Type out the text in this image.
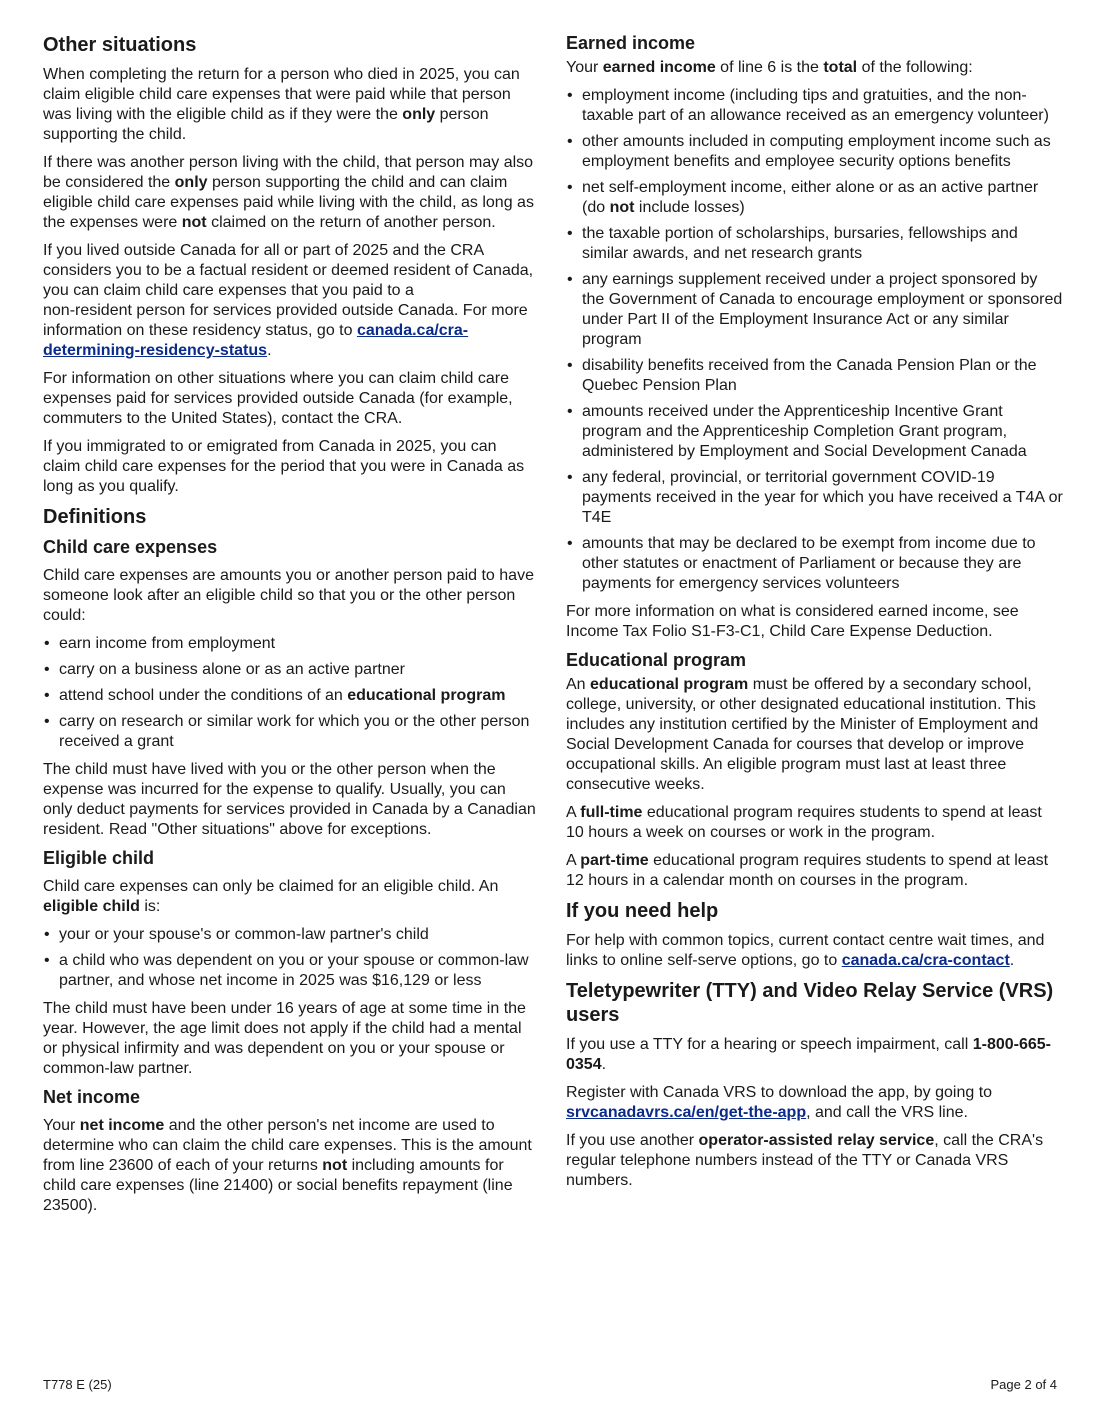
Other situations

When completing the return for a person who died in 2025, you can claim eligible child care expenses that were paid while that person was living with the eligible child as if they were the only person supporting the child.

If there was another person living with the child, that person may also be considered the only person supporting the child and can claim eligible child care expenses paid while living with the child, as long as the expenses were not claimed on the return of another person.

If you lived outside Canada for all or part of 2025 and the CRA considers you to be a factual resident or deemed resident of Canada, you can claim child care expenses that you paid to a
non-resident person for services provided outside Canada. For more information on these residency status, go to canada.ca/cra-determining-residency-status.

For information on other situations where you can claim child care expenses paid for services provided outside Canada (for example, commuters to the United States), contact the CRA.

If you immigrated to or emigrated from Canada in 2025, you can claim child care expenses for the period that you were in Canada as long as you qualify.

Definitions
Child care expenses

Child care expenses are amounts you or another person paid to have someone look after an eligible child so that you or the other person could:

• earn income from employment
• carry on a business alone or as an active partner
• attend school under the conditions of an educational program
• carry on research or similar work for which you or the other person received a grant

The child must have lived with you or the other person when the expense was incurred for the expense to qualify. Usually, you can only deduct payments for services provided in Canada by a Canadian resident. Read "Other situations" above for exceptions.

Eligible child

Child care expenses can only be claimed for an eligible child. An eligible child is:

• your or your spouse's or common-law partner's child
• a child who was dependent on you or your spouse or common-law partner, and whose net income in 2025 was $16,129 or less

The child must have been under 16 years of age at some time in the year. However, the age limit does not apply if the child had a mental or physical infirmity and was dependent on you or your spouse or common-law partner.

Net income

Your net income and the other person's net income are used to determine who can claim the child care expenses. This is the amount from line 23600 of each of your returns not including amounts for child care expenses (line 21400) or social benefits repayment (line 23500).

Earned income

Your earned income of line 6 is the total of the following:

• employment income (including tips and gratuities, and the non-taxable part of an allowance received as an emergency volunteer)
• other amounts included in computing employment income such as employment benefits and employee security options benefits
• net self-employment income, either alone or as an active partner (do not include losses)
• the taxable portion of scholarships, bursaries, fellowships and similar awards, and net research grants
• any earnings supplement received under a project sponsored by the Government of Canada to encourage employment or sponsored under Part II of the Employment Insurance Act or any similar program
• disability benefits received from the Canada Pension Plan or the Quebec Pension Plan
• amounts received under the Apprenticeship Incentive Grant program and the Apprenticeship Completion Grant program, administered by Employment and Social Development Canada
• any federal, provincial, or territorial government COVID-19 payments received in the year for which you have received a T4A or T4E
• amounts that may be declared to be exempt from income due to other statutes or enactment of Parliament or because they are payments for emergency services volunteers

For more information on what is considered earned income, see Income Tax Folio S1-F3-C1, Child Care Expense Deduction.

Educational program

An educational program must be offered by a secondary school, college, university, or other designated educational institution. This includes any institution certified by the Minister of Employment and Social Development Canada for courses that develop or improve occupational skills. An eligible program must last at least three consecutive weeks.

A full-time educational program requires students to spend at least 10 hours a week on courses or work in the program.

A part-time educational program requires students to spend at least 12 hours in a calendar month on courses in the program.

If you need help

For help with common topics, current contact centre wait times, and links to online self-serve options, go to canada.ca/cra-contact.

Teletypewriter (TTY) and Video Relay Service (VRS) users

If you use a TTY for a hearing or speech impairment, call 1-800-665-0354.

Register with Canada VRS to download the app, by going to srvcanadavrs.ca/en/get-the-app, and call the VRS line.

If you use another operator-assisted relay service, call the CRA's regular telephone numbers instead of the TTY or Canada VRS numbers.

T778 E (25)	Page 2 of 4
